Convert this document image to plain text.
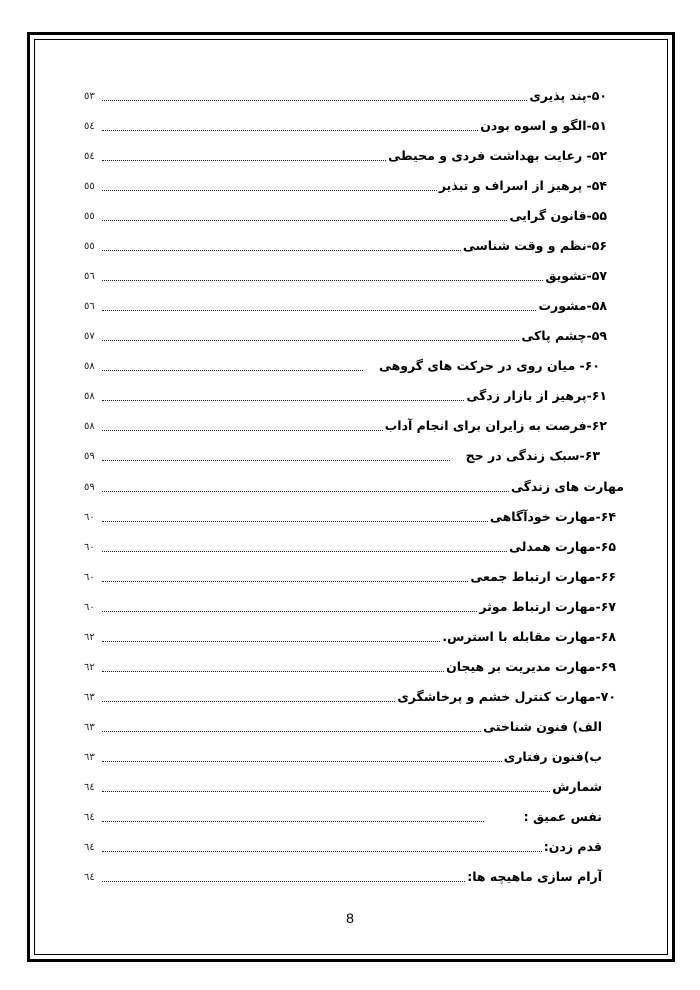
۵۰-پند پذیری
٥٣
۵۱-الگو و اسوه بودن
٥٤
۵۲- رعایت بهداشت فردی و محیطی
٥٤
۵۴- پرهیز از اسراف و تبذیر
٥٥
۵۵-قانون گرایی
٥٥
۵۶-نظم و وقت شناسی
٥٥
۵۷-تشویق
٥٦
۵۸-مشورت
٥٦
۵۹-چشم پاکی
٥٧
۶۰- میان روی در حرکت های گروهی
٥٨
۶۱-پرهیز از بازار زدگی
٥٨
۶۲-فرصت به زایران برای انجام آداب
٥٨
۶۳-سبک زندگی در حج
٥٩
مهارت های زندگی
٥٩
۶۴-مهارت خودآگاهی
٦٠
۶۵-مهارت همدلی
٦٠
۶۶-مهارت ارتباط جمعی
٦٠
۶۷-مهارت ارتباط موثر
٦٠
۶۸-مهارت مقابله با استرس.
٦٢
۶۹-مهارت مدیریت بر هیجان
٦٢
۷۰-مهارت کنترل خشم و پرخاشگری
٦٣
الف) فنون شناختی
٦٣
ب)فنون رفتاری
٦٣
شمارش
٦٤
نفس عمیق :
٦٤
قدم زدن:
٦٤
آرام سازی ماهیچه ها:
٦٤
8
